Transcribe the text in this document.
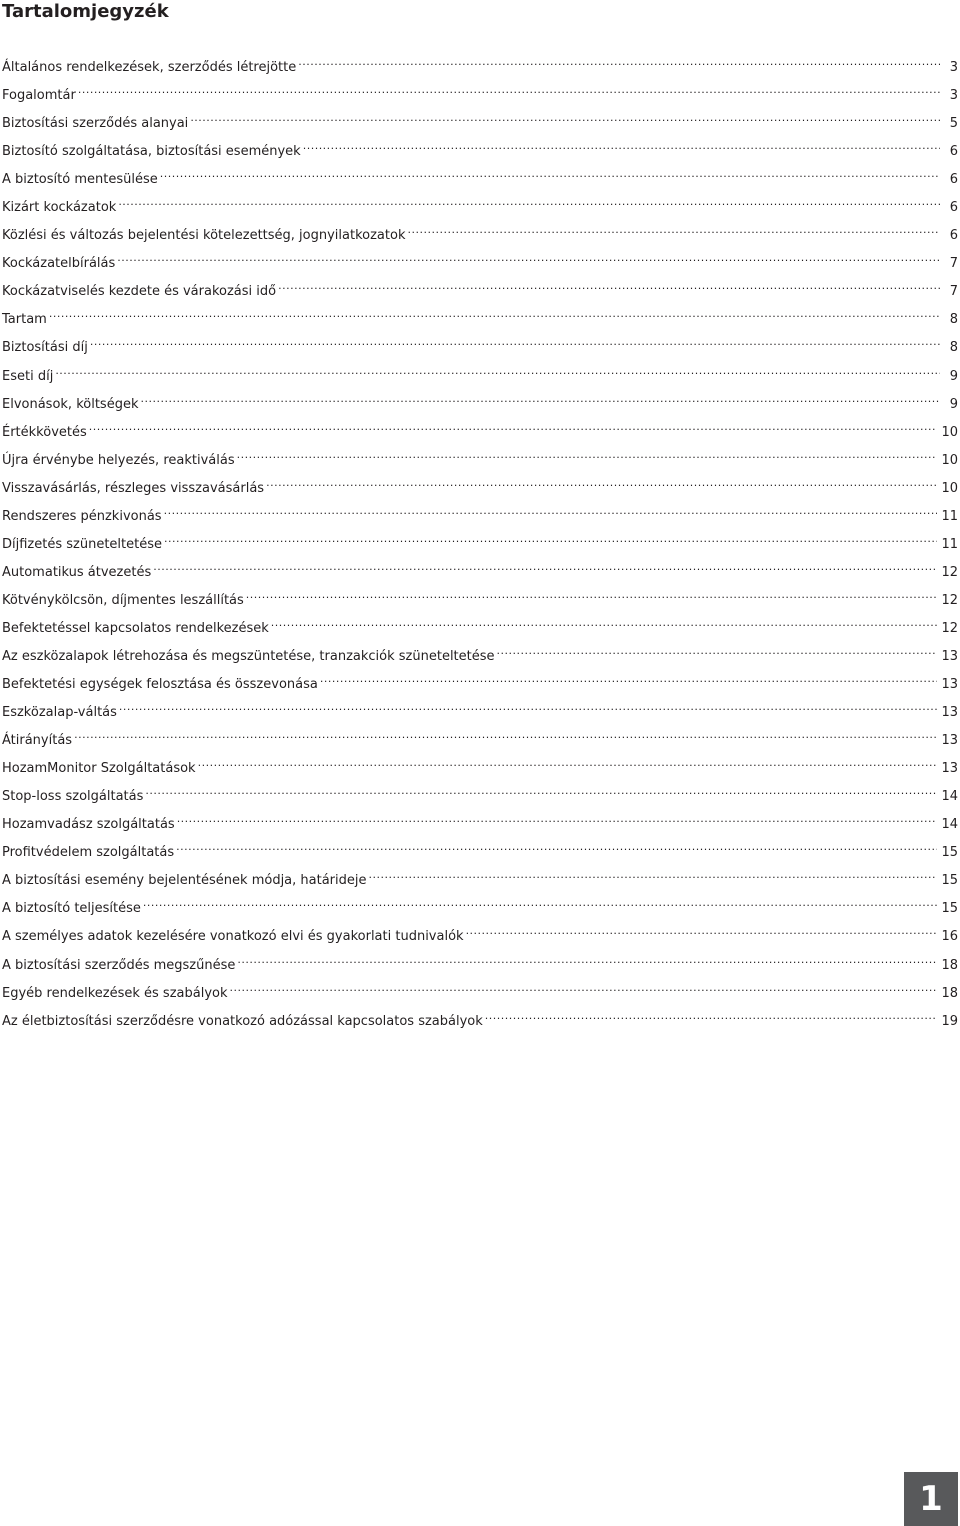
Tartalomjegyzék
Általános rendelkezések, szerződés létrejötte .....	3
Fogalomtár .....	3
Biztosítási szerződés alanyai .....	5
Biztosító szolgáltatása, biztosítási események .....	6
A biztosító mentesülése .....	6
Kizárt kockázatok .....	6
Közlési és változás bejelentési kötelezettség, jognyilatkozatok .....	6
Kockázatelbírálás .....	7
Kockázatviselés kezdete és várakozási idő .....	7
Tartam .....	8
Biztosítási díj .....	8
Eseti díj .....	9
Elvonások, költségek .....	9
Értékkövetés .....	10
Újra érvénybe helyezés, reaktiválás .....	10
Visszavásárlás, részleges visszavásárlás .....	10
Rendszeres pénzkivonás .....	11
Díjfizetés szüneteltetése .....	11
Automatikus átvezetés .....	12
Kötvénykölcsön, díjmentes leszállítás .....	12
Befektetéssel kapcsolatos rendelkezések .....	12
Az eszközalapok létrehozása és megszüntetése, tranzakciók szüneteltetése .....	13
Befektetési egységek felosztása és összevonása .....	13
Eszközalap-váltás .....	13
Átirányítás .....	13
HozamMonitor Szolgáltatások .....	13
Stop-loss szolgáltatás .....	14
Hozamvadász szolgáltatás .....	14
Profitvédelem szolgáltatás .....	15
A biztosítási esemény bejelentésének módja, határideje .....	15
A biztosító teljesítése .....	15
A személyes adatok kezelésére vonatkozó elvi és gyakorlati tudnivalók .....	16
A biztosítási szerződés megszűnése .....	18
Egyéb rendelkezések és szabályok .....	18
Az életbiztosítási szerződésre vonatkozó adózással kapcsolatos szabályok .....	19
1
